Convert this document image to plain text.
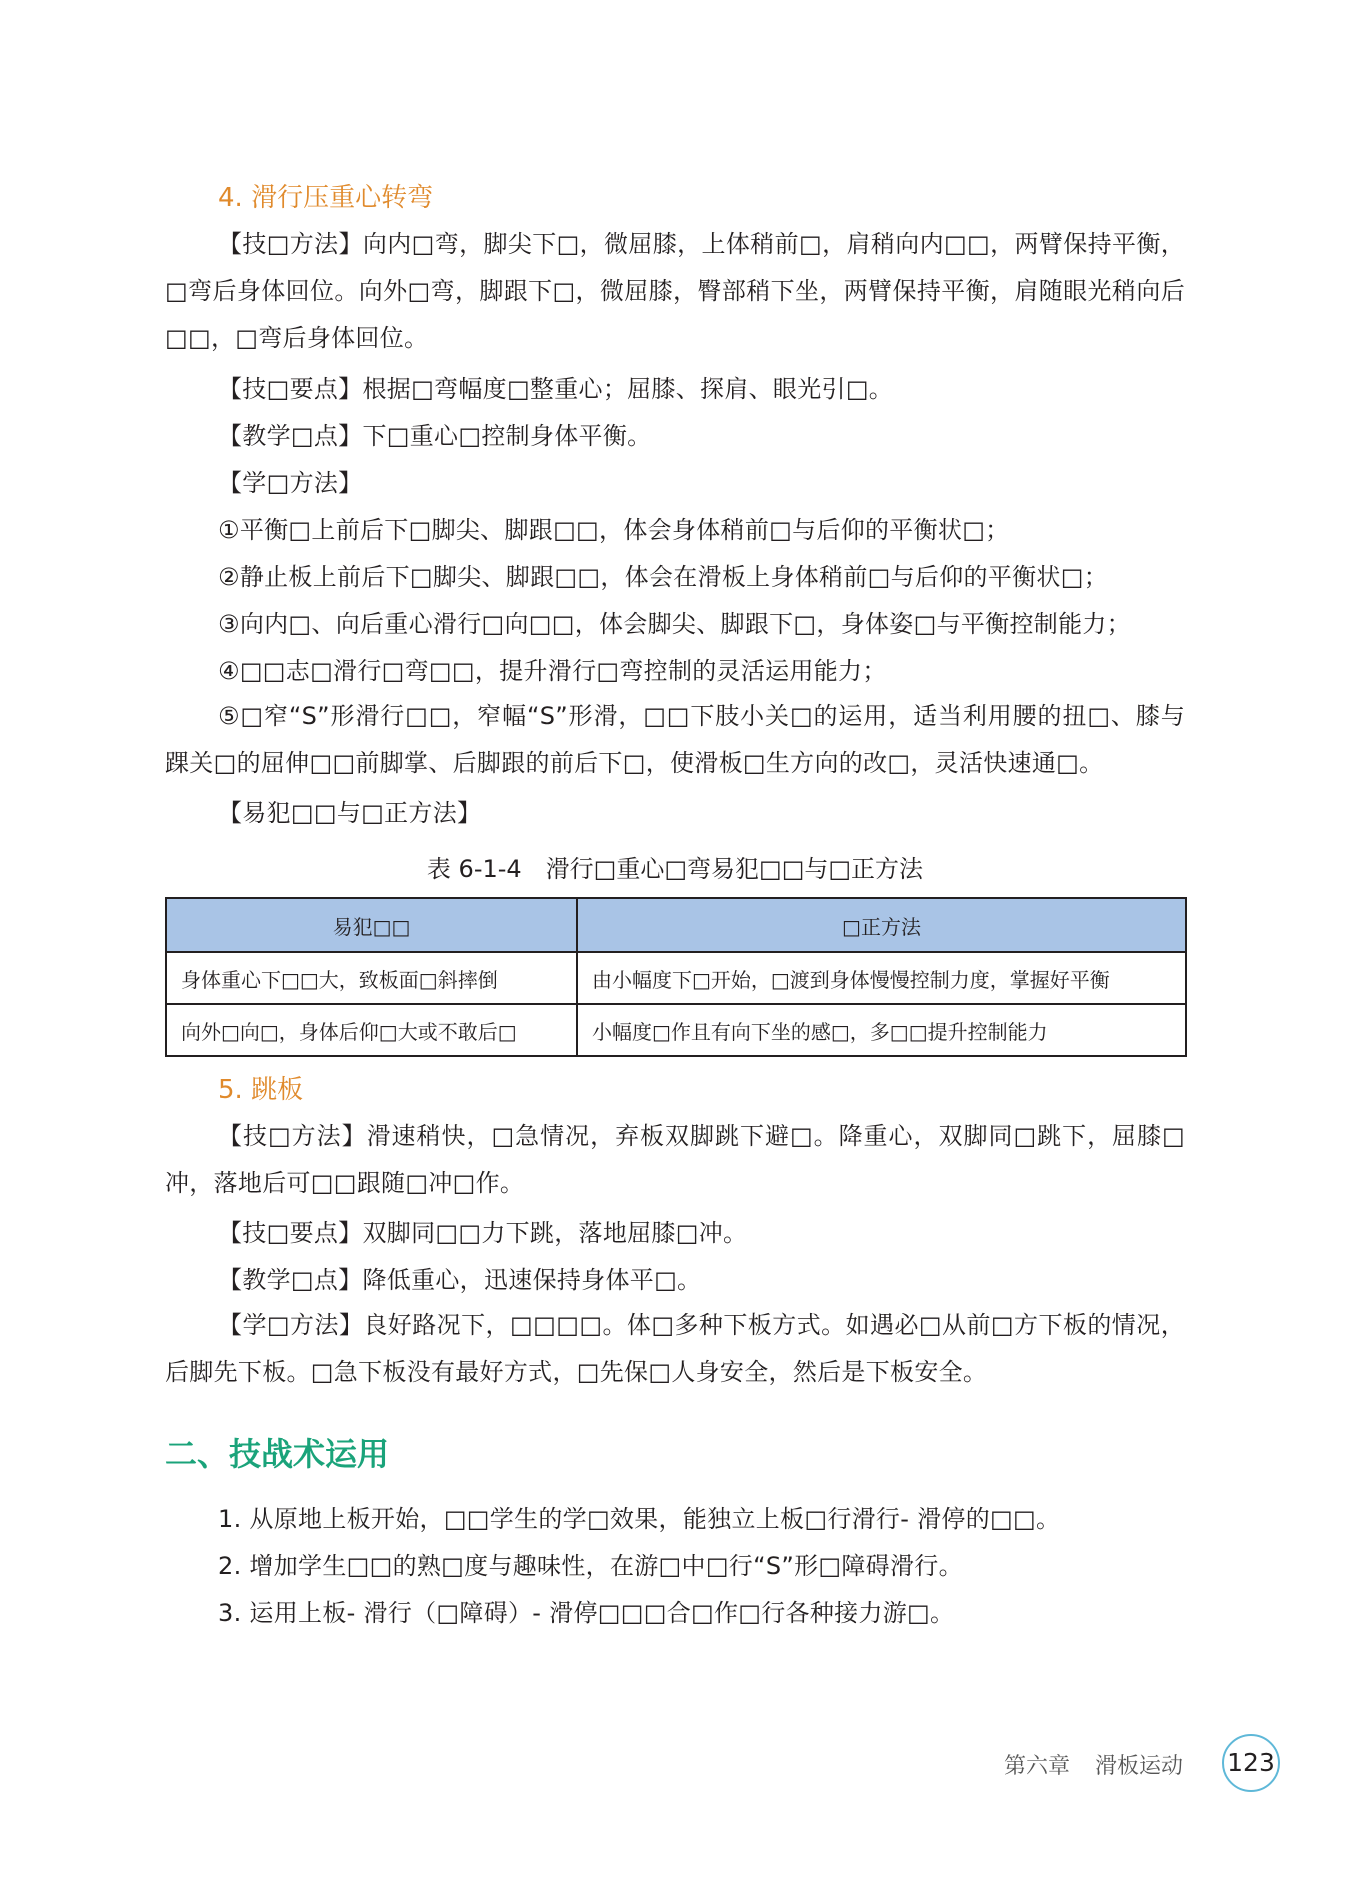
4. 滑行压重心转弯
【技□方法】向内□弯，脚尖下□，微屈膝，上体稍前□，肩稍向内□□，两臂保持平衡，□弯后身体回位。向外□弯，脚跟下□，微屈膝，臀部稍下坐，两臂保持平衡，肩随眼光稍向后□□，□弯后身体回位。
【技□要点】根据□弯幅度□整重心；屈膝、探肩、眼光引□。
【教学□点】下□重心□控制身体平衡。
【学□方法】
①平衡□上前后下□脚尖、脚跟□□，体会身体稍前□与后仰的平衡状□；
②静止板上前后下□脚尖、脚跟□□，体会在滑板上身体稍前□与后仰的平衡状□；
③向内□、向后重心滑行□向□□，体会脚尖、脚跟下□，身体姿□与平衡控制能力；
④□□志□滑行□弯□□，提升滑行□弯控制的灵活运用能力；
⑤□窄“S”形滑行□□，窄幅“S”形滑，□□下肢小关□的运用，适当利用腰的扭□、膝与踝关□的屈伸□□前脚掌、后脚跟的前后下□，使滑板□生方向的改□，灵活快速通□。
【易犯□□与□正方法】
表 6-1-4　滑行□重心□弯易犯□□与□正方法
易犯□□	□正方法
身体重心下□□大，致板面□斜摔倒	由小幅度下□开始，□渡到身体慢慢控制力度，掌握好平衡
向外□向□，身体后仰□大或不敢后□	小幅度□作且有向下坐的感□，多□□提升控制能力
5. 跳板
【技□方法】滑速稍快，□急情况，弃板双脚跳下避□。降重心，双脚同□跳下，屈膝□冲，落地后可□□跟随□冲□作。
【技□要点】双脚同□□力下跳，落地屈膝□冲。
【教学□点】降低重心，迅速保持身体平□。
【学□方法】良好路况下，□□□□。体□多种下板方式。如遇必□从前□方下板的情况，后脚先下板。□急下板没有最好方式，□先保□人身安全，然后是下板安全。
二、技战术运用
1. 从原地上板开始，□□学生的学□效果，能独立上板□行滑行- 滑停的□□。
2. 增加学生□□的熟□度与趣味性，在游□中□行“S”形□障碍滑行。
3. 运用上板- 滑行（□障碍）- 滑停□□□合□作□行各种接力游□。
第六章 滑板运动 123
